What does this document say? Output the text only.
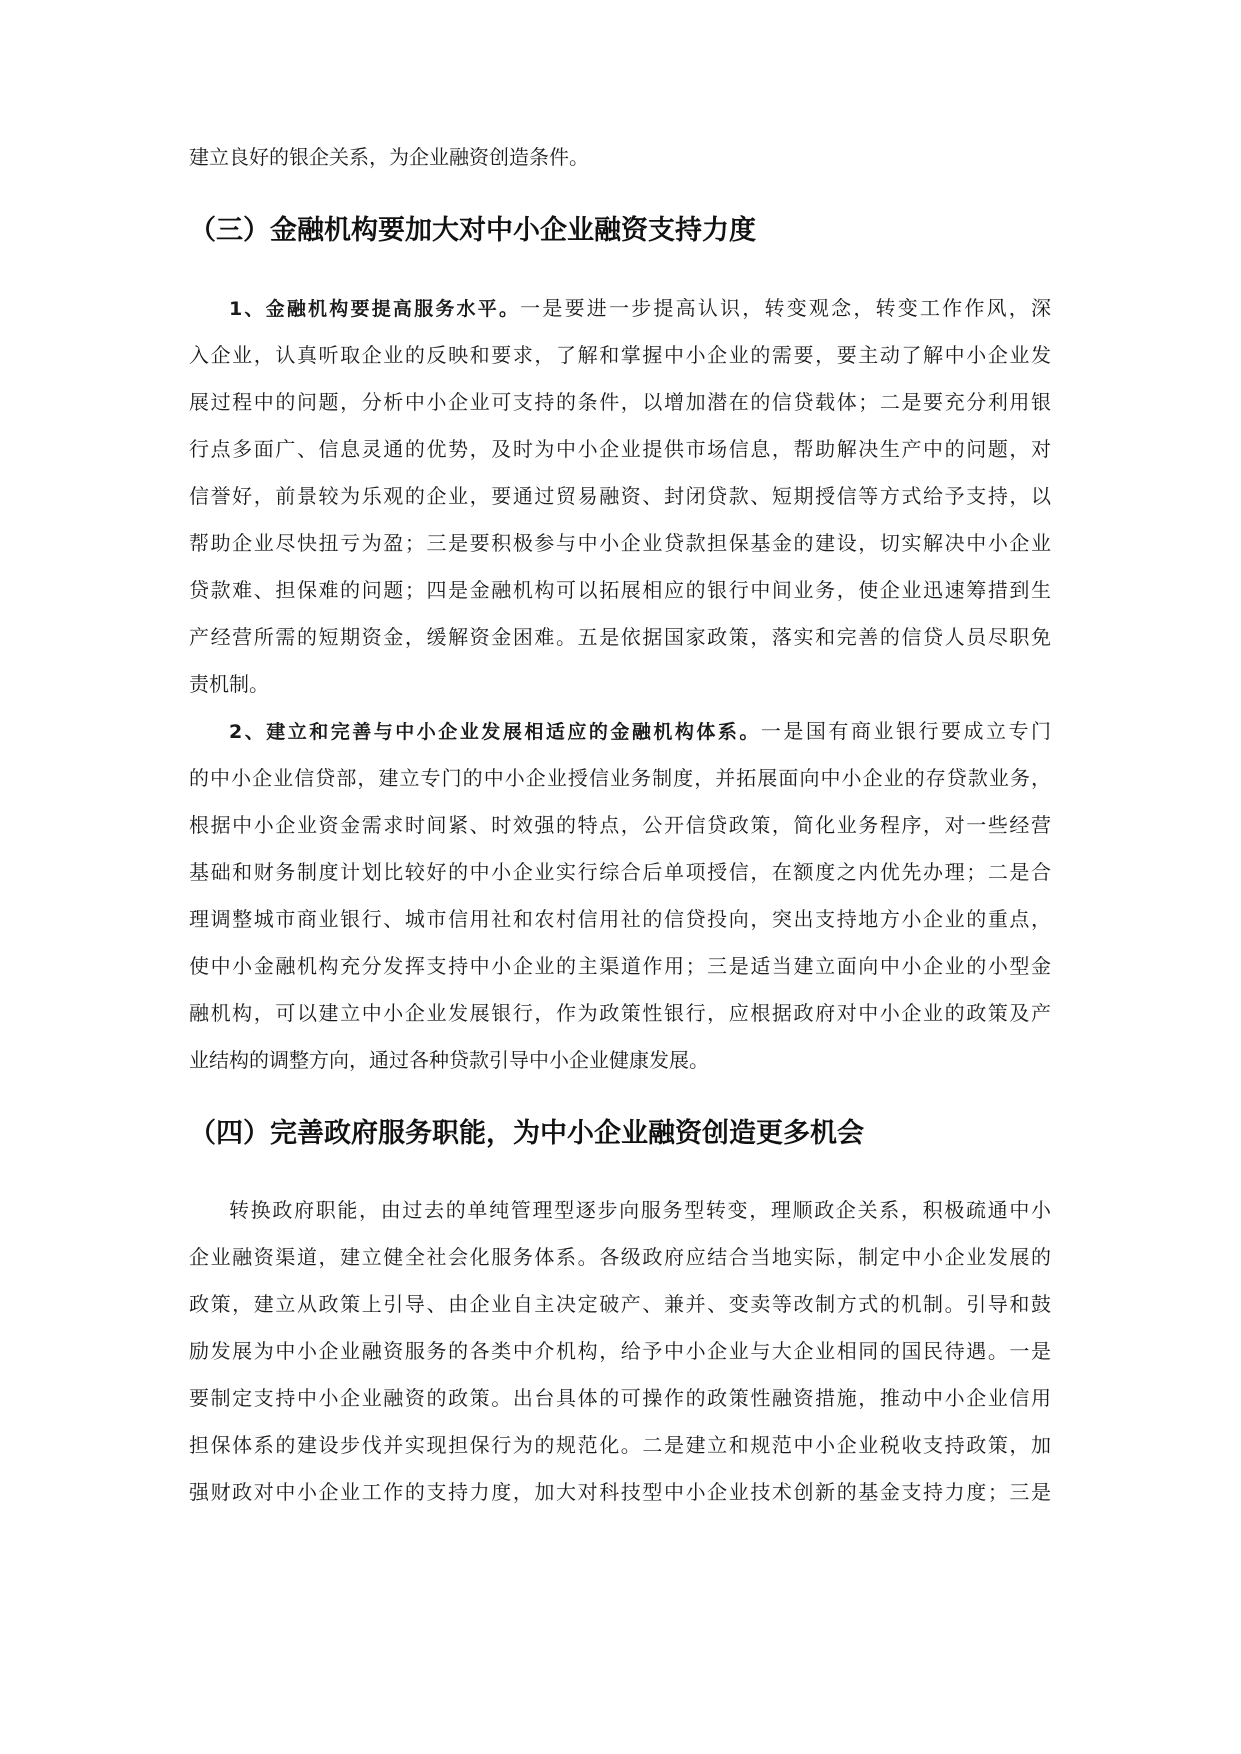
建立良好的银企关系，为企业融资创造条件。
（三）金融机构要加大对中小企业融资支持力度
1、金融机构要提高服务水平。一是要进一步提高认识，转变观念，转变工作作风，深
入企业，认真听取企业的反映和要求，了解和掌握中小企业的需要，要主动了解中小企业发
展过程中的问题，分析中小企业可支持的条件，以增加潜在的信贷载体；二是要充分利用银
行点多面广、信息灵通的优势，及时为中小企业提供市场信息，帮助解决生产中的问题，对
信誉好，前景较为乐观的企业，要通过贸易融资、封闭贷款、短期授信等方式给予支持，以
帮助企业尽快扭亏为盈；三是要积极参与中小企业贷款担保基金的建设，切实解决中小企业
贷款难、担保难的问题；四是金融机构可以拓展相应的银行中间业务，使企业迅速筹措到生
产经营所需的短期资金，缓解资金困难。五是依据国家政策，落实和完善的信贷人员尽职免
责机制。
2、建立和完善与中小企业发展相适应的金融机构体系。一是国有商业银行要成立专门
的中小企业信贷部，建立专门的中小企业授信业务制度，并拓展面向中小企业的存贷款业务，
根据中小企业资金需求时间紧、时效强的特点，公开信贷政策，简化业务程序，对一些经营
基础和财务制度计划比较好的中小企业实行综合后单项授信，在额度之内优先办理；二是合
理调整城市商业银行、城市信用社和农村信用社的信贷投向，突出支持地方小企业的重点，
使中小金融机构充分发挥支持中小企业的主渠道作用；三是适当建立面向中小企业的小型金
融机构，可以建立中小企业发展银行，作为政策性银行，应根据政府对中小企业的政策及产
业结构的调整方向，通过各种贷款引导中小企业健康发展。
（四）完善政府服务职能，为中小企业融资创造更多机会
转换政府职能，由过去的单纯管理型逐步向服务型转变，理顺政企关系，积极疏通中小
企业融资渠道，建立健全社会化服务体系。各级政府应结合当地实际，制定中小企业发展的
政策，建立从政策上引导、由企业自主决定破产、兼并、变卖等改制方式的机制。引导和鼓
励发展为中小企业融资服务的各类中介机构，给予中小企业与大企业相同的国民待遇。一是
要制定支持中小企业融资的政策。出台具体的可操作的政策性融资措施，推动中小企业信用
担保体系的建设步伐并实现担保行为的规范化。二是建立和规范中小企业税收支持政策，加
强财政对中小企业工作的支持力度，加大对科技型中小企业技术创新的基金支持力度；三是
